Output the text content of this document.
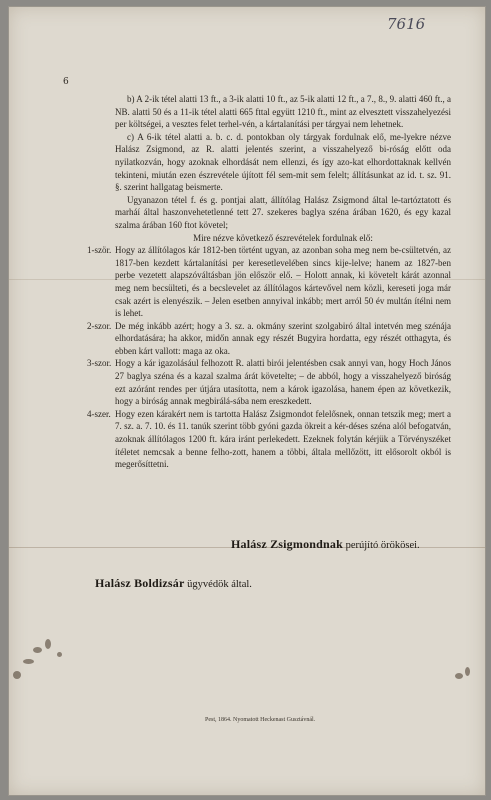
7616
6

b) A 2-ik tétel alatti 13 ft., a 3-ik alatti 10 ft., az 5-ik alatti 12 ft., a 7., 8., 9. alatti 460 ft., a NB. alatti 50 és a 11-ik tétel alatti 665 fttal együtt 1210 ft., mint az elvesztett visszahelyezési per költségei, a vesztes felet terhel-vén, a kártalanítási per tárgyai nem lehetnek.

c) A 6-ik tétel alatti a. b. c. d. pontokban oly tárgyak fordulnak elő, me-lyekre nézve Halász Zsigmond, az R. alatti jelentés szerint, a visszahelyező bi-róság előtt oda nyilatkozván, hogy azoknak elhordását nem ellenzi, és így azo-kat elhordottaknak kellvén tekinteni, miután ezen észrevétele újított fél sem-mit sem felelt; állításunkat az id. t. sz. 91. §. szerint hallgatag beismerte.

Ugyanazon tétel f. és g. pontjai alatt, állítólag Halász Zsigmond által le-tartóztatott és marháí által haszonvehetetlenné tett 27. szekeres baglya széna árában 1620, és egy kazal szalma árában 160 ftot követel;

Mire nézve következő észrevételek fordulnak elő:

1-ször. Hogy az állítólagos kár 1812-ben történt ugyan, az azonban soha meg nem be-csültetvén, az 1817-ben kezdett kártalanítási per keresetlevelében sincs kije-lelve; hanem az 1827-ben perbe vezetett alapszóváltásban jön először elő. – Holott annak, ki követelt kárát azonnal meg nem becsülteti, és a becslevelet az állítólagos kártevővel nem közli, kereseti joga már csak azért is elenyészik. – Jelen esetben annyival inkább; mert arról 50 év multán ítélni nem is lehet.

2-szor. De még inkább azért; hogy a 3. sz. a. okmány szerint szolgabiró által intetvén meg szénája elhordatására; ha akkor, midőn annak egy részét Bugyira hordatta, egy részét otthagyta, és ebben kárt vallott: maga az oka.

3-szor. Hogy a kár igazolásául felhozott R. alatti birói jelentésben csak annyi van, hogy Hoch János 27 baglya széna és a kazal szalma árát követelte; – de abból, hogy a visszahelyező biróság ezt azóránt rendes per útjára utasította, nem a károk igazolása, hanem épen az következik, hogy a biróság annak megbirálá-sába nem ereszkedett.

4-szer. Hogy ezen kárakért nem is tartotta Halász Zsigmondot felelősnek, onnan tetszik meg; mert a 7. sz. a. 7. 10. és 11. tanúk szerint több gyóni gazda ökreit a kér-déses széna alól befogatván, azoknak állítólagos 1200 ft. kára iránt perlekedett. Ezeknek folytán kérjük a Törvényszéket ítéletet nemcsak a benne felho-zott, hanem a többi, általa mellőzött, itt elősorolt okból is megerősíttetni.

Halász Zsigmondnak perújító örökösei.
Halász Boldizsár ügyvédök által.
Pest, 1864. Nyomatott Heckenast Gusztávnál.
